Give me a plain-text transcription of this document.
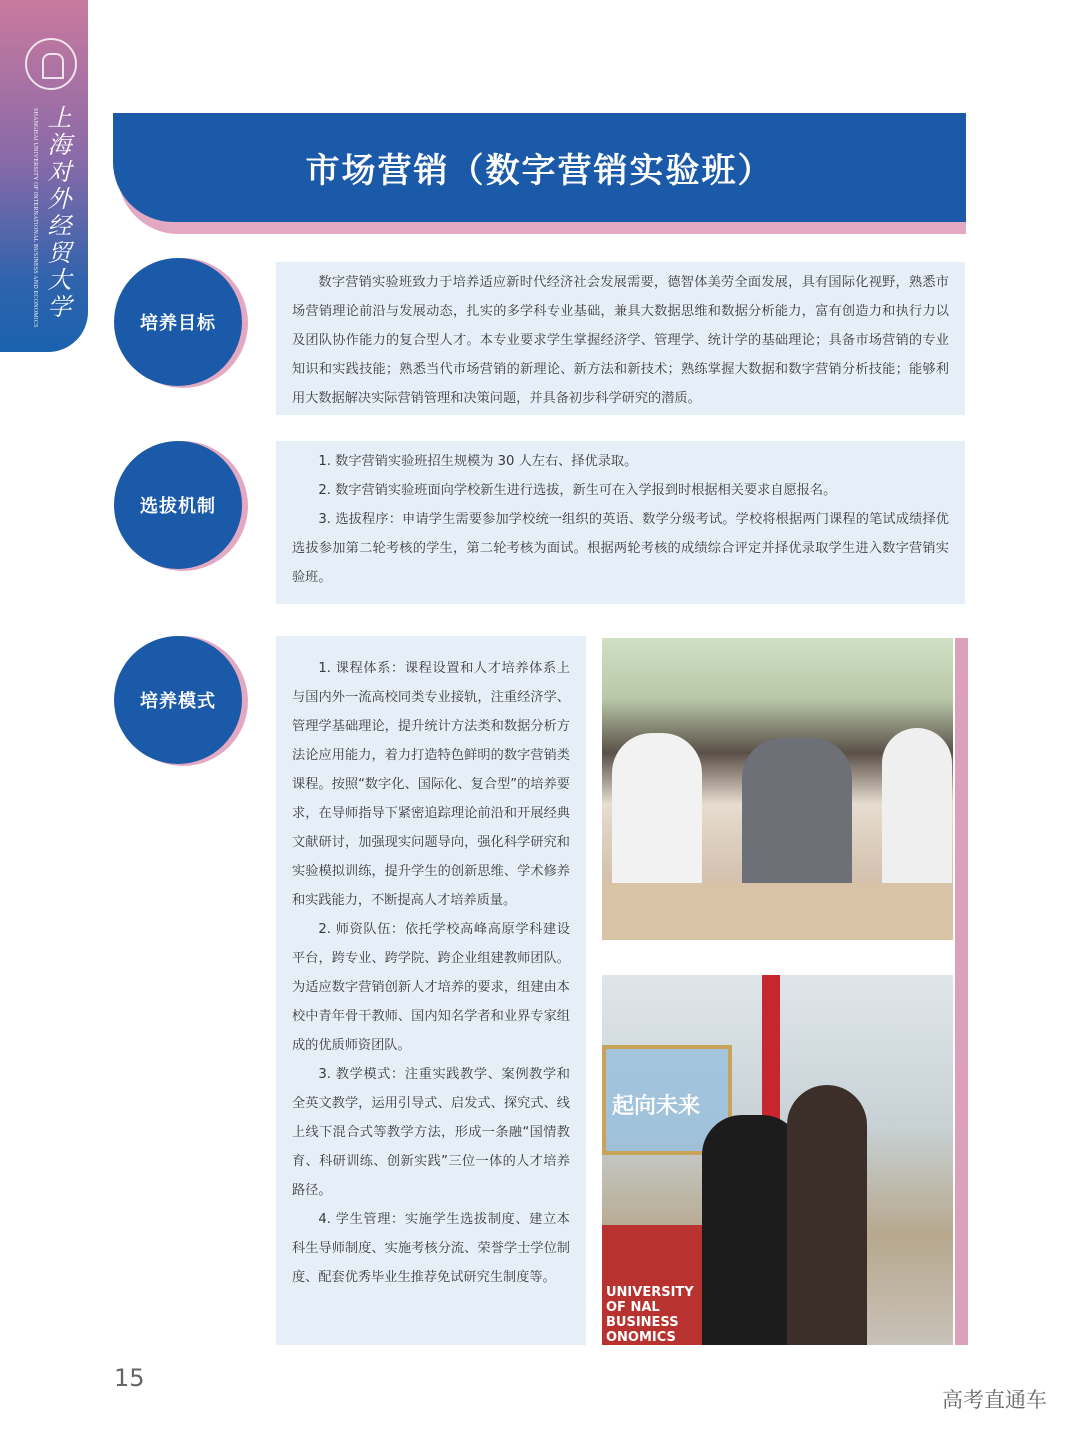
SHANGHAI UNIVERSITY OF INTERNATIONAL BUSINESS AND ECONOMICS 上海对外经贸大学	市场营销（数字营销实验班）
培养目标

数字营销实验班致力于培养适应新时代经济社会发展需要，德智体美劳全面发展，具有国际化视野，熟悉市场营销理论前沿与发展动态，扎实的多学科专业基础，兼具大数据思维和数据分析能力，富有创造力和执行力以及团队协作能力的复合型人才。本专业要求学生掌握经济学、管理学、统计学的基础理论；具备市场营销的专业知识和实践技能；熟悉当代市场营销的新理论、新方法和新技术；熟练掌握大数据和数字营销分析技能；能够利用大数据解决实际营销管理和决策问题，并具备初步科学研究的潜质。

选拔机制

1. 数字营销实验班招生规模为 30 人左右、择优录取。

2. 数字营销实验班面向学校新生进行选拔，新生可在入学报到时根据相关要求自愿报名。

3. 选拔程序：申请学生需要参加学校统一组织的英语、数学分级考试。学校将根据两门课程的笔试成绩择优选拔参加第二轮考核的学生，第二轮考核为面试。根据两轮考核的成绩综合评定并择优录取学生进入数字营销实验班。

培养模式

1. 课程体系：课程设置和人才培养体系上与国内外一流高校同类专业接轨，注重经济学、管理学基础理论，提升统计方法类和数据分析方法论应用能力，着力打造特色鲜明的数字营销类课程。按照“数字化、国际化、复合型”的培养要求，在导师指导下紧密追踪理论前沿和开展经典文献研讨，加强现实问题导向，强化科学研究和实验模拟训练，提升学生的创新思维、学术修养和实践能力，不断提高人才培养质量。

2. 师资队伍：依托学校高峰高原学科建设平台，跨专业、跨学院、跨企业组建教师团队。为适应数字营销创新人才培养的要求，组建由本校中青年骨干教师、国内知名学者和业界专家组成的优质师资团队。

3. 教学模式：注重实践教学、案例教学和全英文教学，运用引导式、启发式、探究式、线上线下混合式等教学方法，形成一条融“国情教育、科研训练、创新实践”三位一体的人才培养路径。

4. 学生管理：实施学生选拔制度、建立本科生导师制度、实施考核分流、荣誉学士学位制度、配套优秀毕业生推荐免试研究生制度等。

起向未来
UNIVERSITY OF NAL BUSINESS ONOMICS
15
高考直通车
